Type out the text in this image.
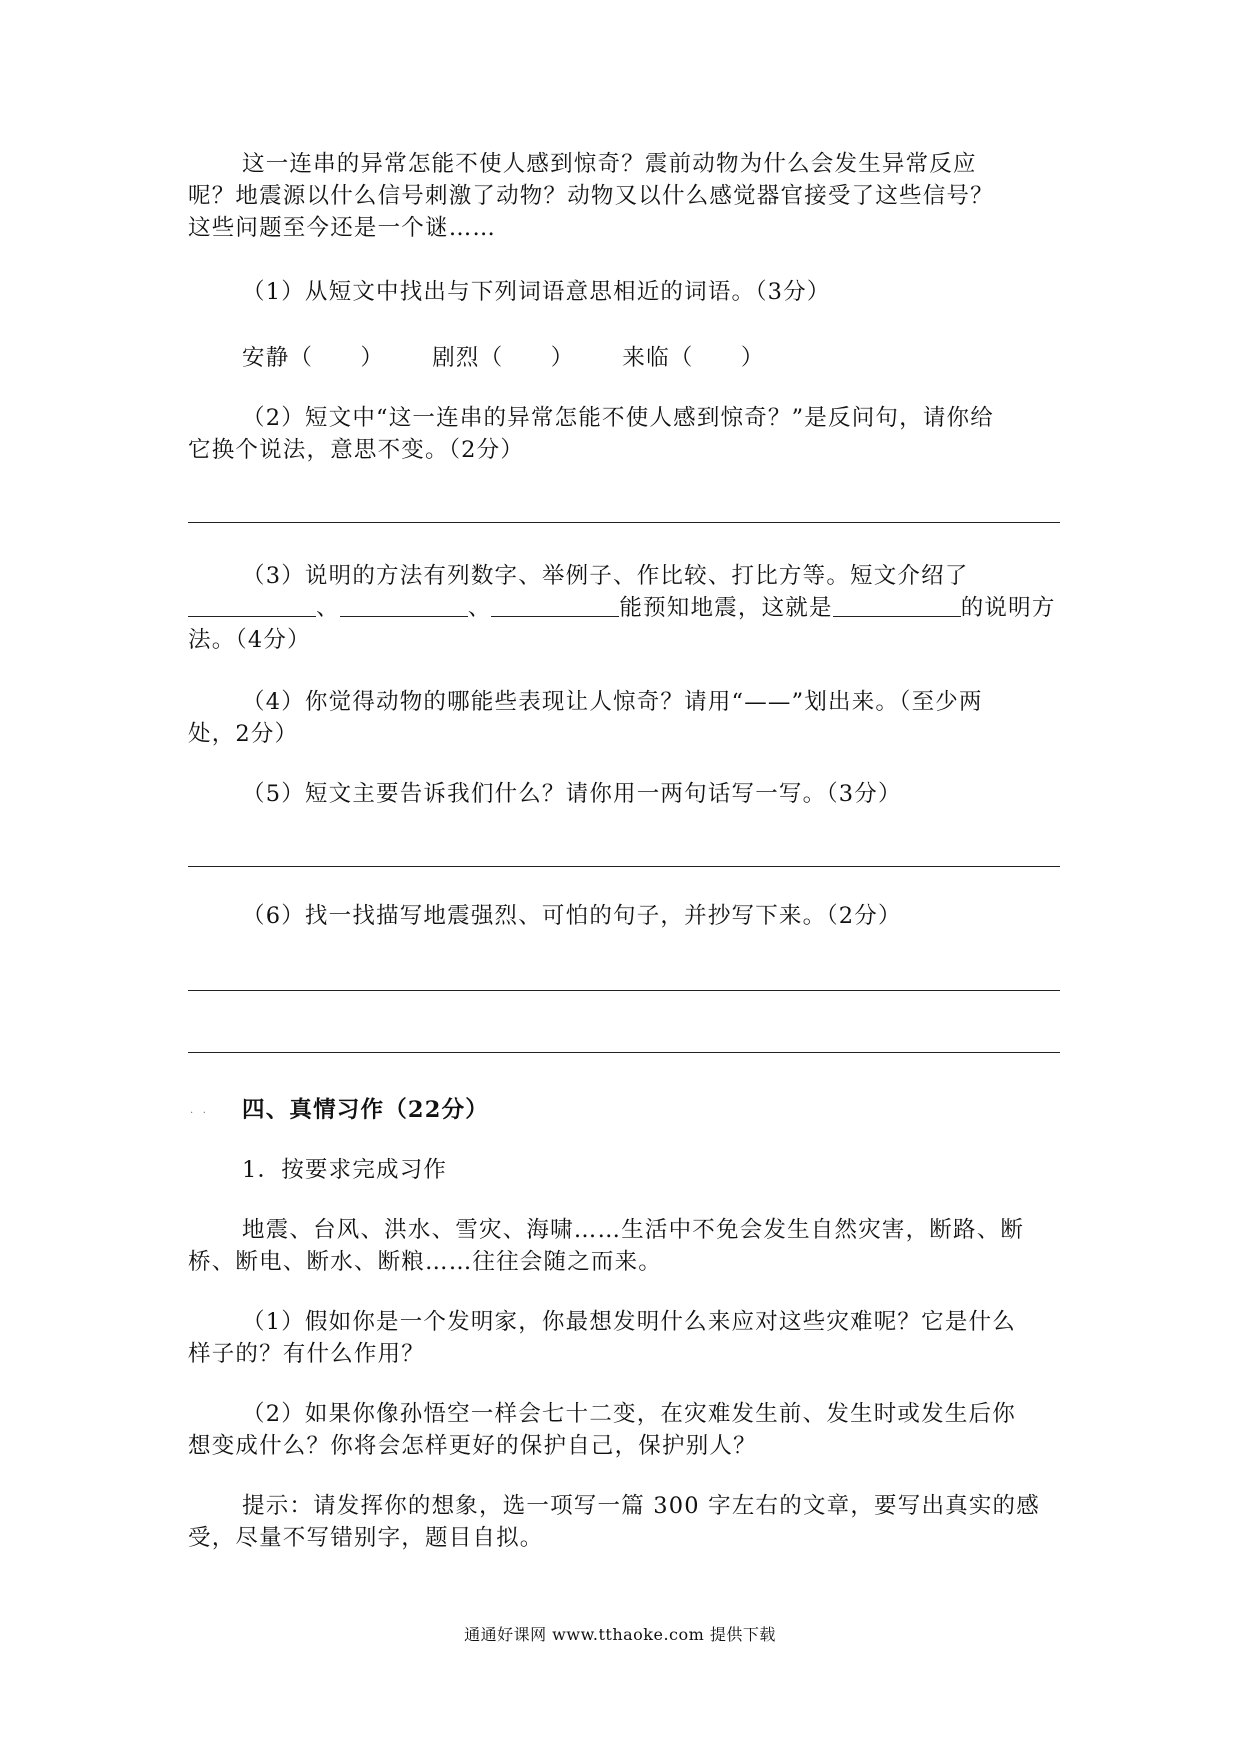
这一连串的异常怎能不使人感到惊奇？震前动物为什么会发生异常反应
呢？地震源以什么信号刺激了动物？动物又以什么感觉器官接受了这些信号？
这些问题至今还是一个谜……
（1）从短文中找出与下列词语意思相近的词语。（3分）
安静（　　） 剧烈（　　） 来临（　　）
（2）短文中“这一连串的异常怎能不使人感到惊奇？”是反问句，请你给
它换个说法，意思不变。（2分）
（3）说明的方法有列数字、举例子、作比较、打比方等。短文介绍了
、	、	能预知地震，这就是	的说明方
法。（4分）
（4）你觉得动物的哪能些表现让人惊奇？请用“——”划出来。（至少两
处，2分）
（5）短文主要告诉我们什么？请你用一两句话写一写。（3分）
（6）找一找描写地震强烈、可怕的句子，并抄写下来。（2分）
·   · 四、真情习作（22分）
1．按要求完成习作
地震、台风、洪水、雪灾、海啸……生活中不免会发生自然灾害，断路、断
桥、断电、断水、断粮……往往会随之而来。
（1）假如你是一个发明家，你最想发明什么来应对这些灾难呢？它是什么
样子的？有什么作用？
（2）如果你像孙悟空一样会七十二变，在灾难发生前、发生时或发生后你
想变成什么？你将会怎样更好的保护自己，保护别人？
提示：请发挥你的想象，选一项写一篇 300 字左右的文章，要写出真实的感
受，尽量不写错别字，题目自拟。
通通好课网 www.tthaoke.com 提供下载
